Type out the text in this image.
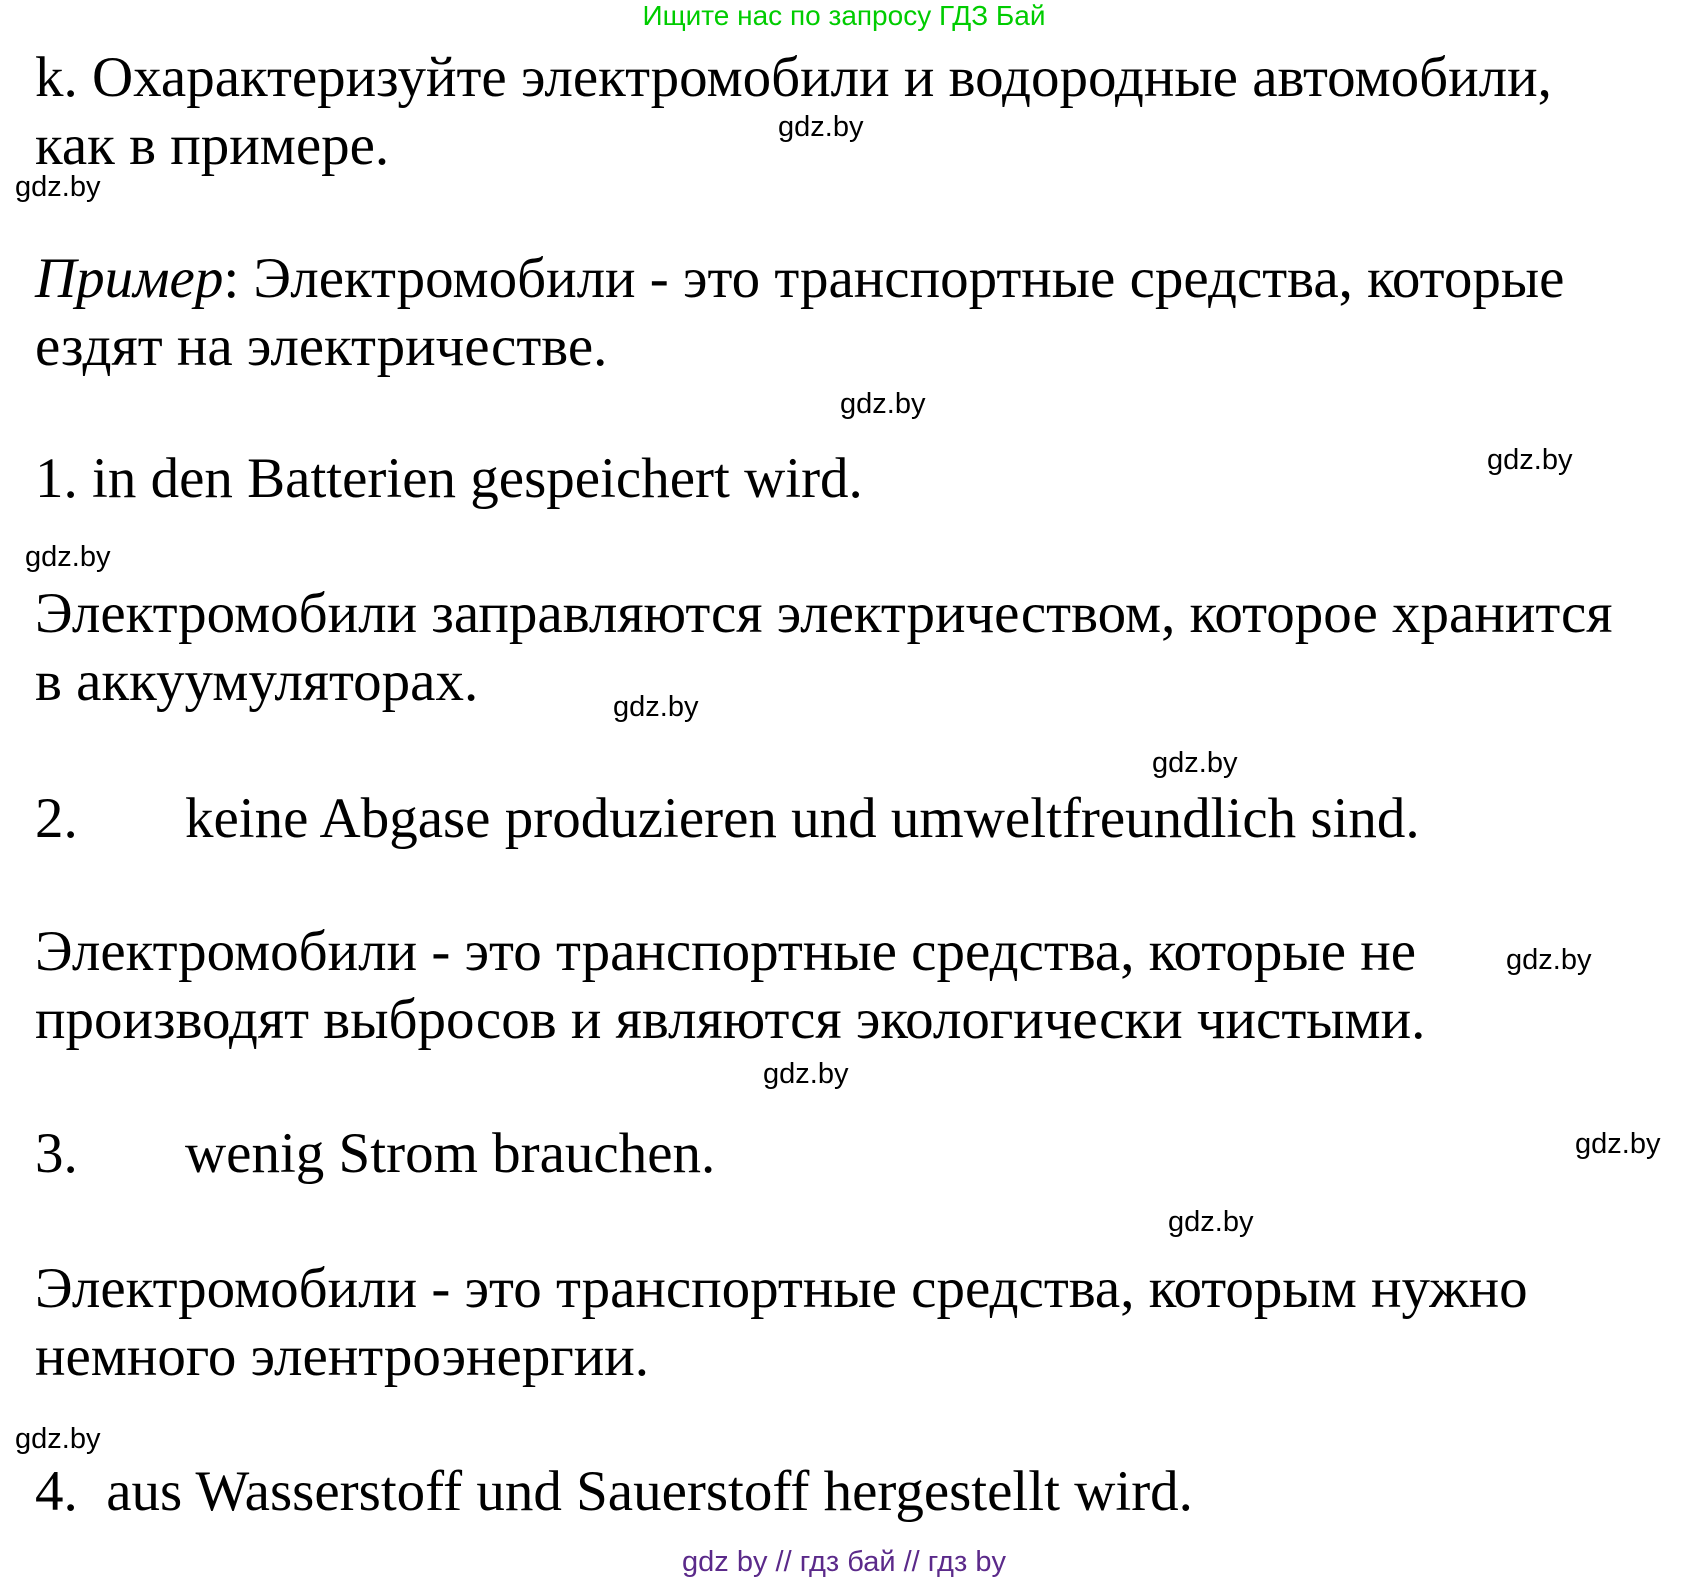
Ищите нас по запросу ГДЗ Бай

k. Охарактеризуйте электромобили и водородные автомобили,

как в примере.

Пример: Электромобили - это транспортные средства, которые

ездят на электричестве.

1. in den Batterien gespeichert wird.

Электромобили заправляются электричеством, которое хранится

в аккуумуляторах.

2. keine Abgase produzieren und umweltfreundlich sind.

Электромобили - это транспортные средства, которые не

производят выбросов и являются экологически чистыми.

3. wenig Strom brauchen.

Электромобили - это транспортные средства, которым нужно

немного элентроэнергии.

4. aus Wasserstoff und Sauerstoff hergestellt wird.

gdz.by
gdz.by
gdz.by
gdz.by
gdz.by
gdz.by
gdz.by
gdz.by
gdz.by
gdz.by
gdz.by
gdz.by
gdz by // гдз бай // гдз by
